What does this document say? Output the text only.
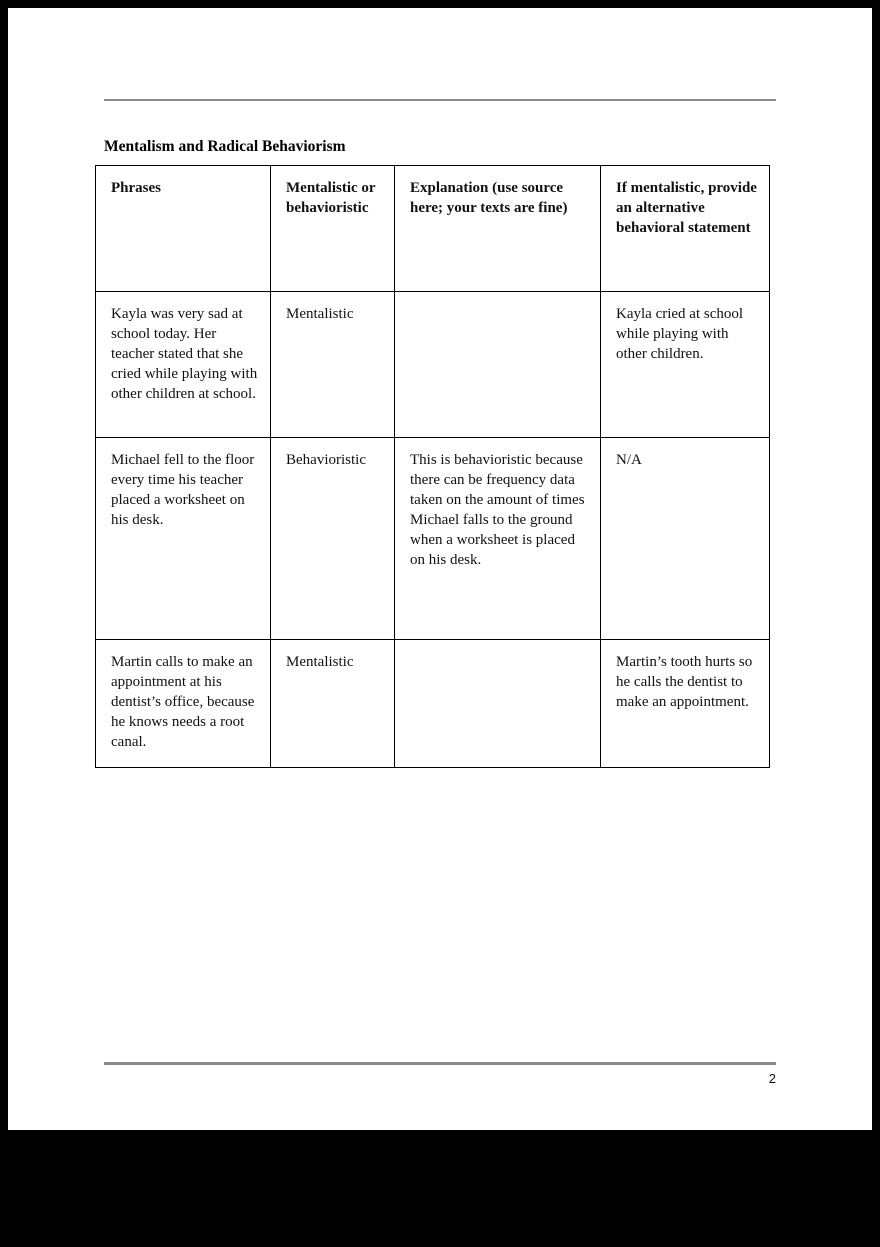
Mentalism and Radical Behaviorism
Phrases	Mentalistic or behavioristic	Explanation (use source here; your texts are fine)	If mentalistic, provide an alternative behavioral statement
Kayla was very sad at school today. Her teacher stated that she cried while playing with other children at school.	Mentalistic		Kayla cried at school while playing with other children.
Michael fell to the floor every time his teacher placed a worksheet on his desk.	Behavioristic	This is behavioristic because there can be frequency data taken on the amount of times Michael falls to the ground when a worksheet is placed on his desk.	N/A
Martin calls to make an appointment at his dentist’s office, because he knows needs a root canal.	Mentalistic		Martin’s tooth hurts so he calls the dentist to make an appointment.
2
